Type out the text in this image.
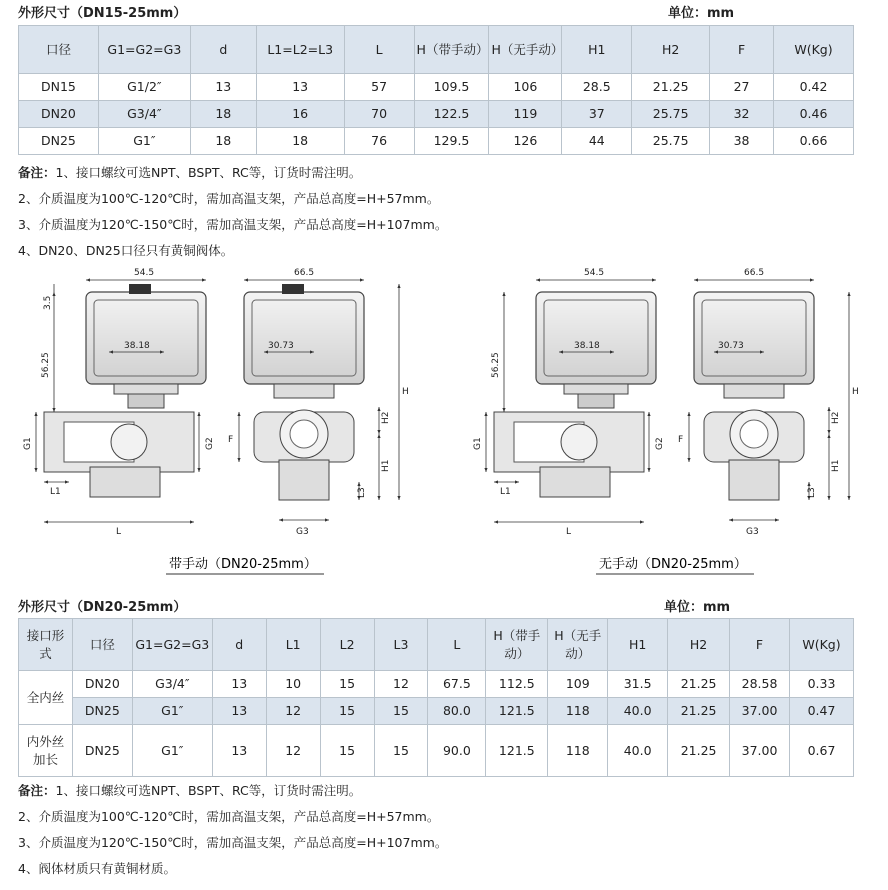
外形尺寸（DN15-25mm）	单位：mm
口径	G1=G2=G3	d	L1=L2=L3	L	H（带手动）	H（无手动）	H1	H2	F	W(Kg)
DN15	G1/2″	13	13	57	109.5	106	28.5	21.25	27	0.42
DN20	G3/4″	18	16	70	122.5	119	37	25.75	32	0.46
DN25	G1″	18	18	76	129.5	126	44	25.75	38	0.66
备注：1、接口螺纹可选NPT、BSPT、RC等，订货时需注明。
2、介质温度为100℃-120℃时，需加高温支架，产品总高度=H+57mm。
3、介质温度为120℃-150℃时，需加高温支架，产品总高度=H+107mm。
4、DN20、DN25口径只有黄铜阀体。
54.5	66.5
38.18	30.73
3.5
56.25
G1	G2
L1
L	G3
F
H2
H1
L3
H
54.5	66.5
38.18	30.73
56.25
G1	G2
L1
L	G3
F
H2
H1
L3
H
带手动（DN20-25mm）	无手动（DN20-25mm）
外形尺寸（DN20-25mm）	单位：mm
接口形式	口径	G1=G2=G3	d	L1	L2	L3	L	H（带手动）	H（无手动）	H1	H2	F	W(Kg)
全内丝	DN20	G3/4″	13	10	15	12	67.5	112.5	109	31.5	21.25	28.58	0.33
	DN25	G1″	13	12	15	15	80.0	121.5	118	40.0	21.25	37.00	0.47
内外丝加长	DN25	G1″	13	12	15	15	90.0	121.5	118	40.0	21.25	37.00	0.67
备注：1、接口螺纹可选NPT、BSPT、RC等，订货时需注明。
2、介质温度为100℃-120℃时，需加高温支架，产品总高度=H+57mm。
3、介质温度为120℃-150℃时，需加高温支架，产品总高度=H+107mm。
4、阀体材质只有黄铜材质。
